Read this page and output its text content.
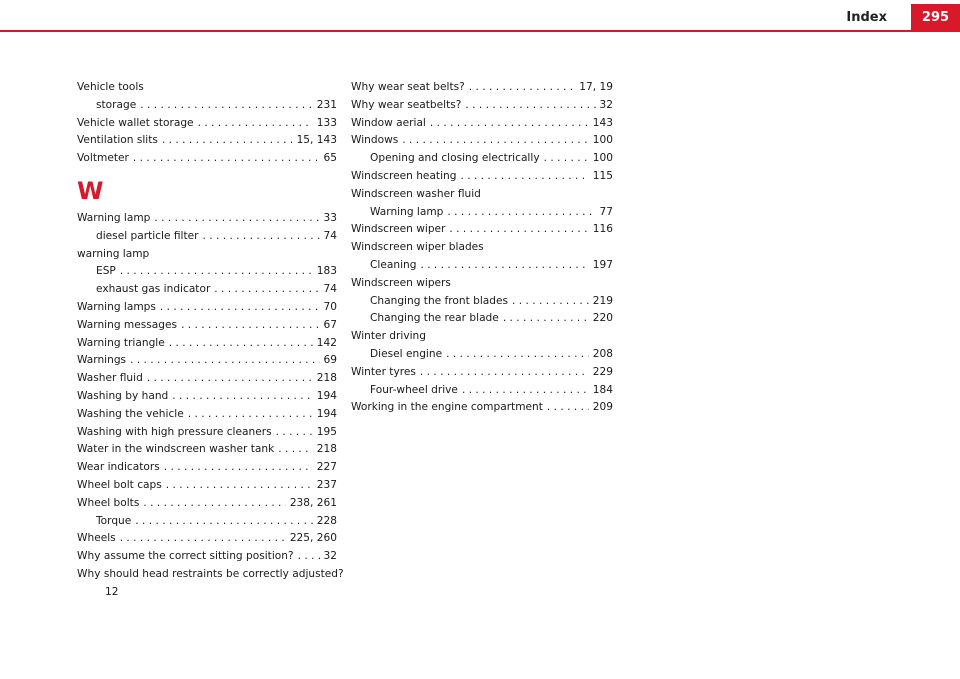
Index	295
Vehicle tools
storage . . .	231
Vehicle wallet storage . . .	133
Ventilation slits . . .	15, 143
Voltmeter . . .	65
W
Warning lamp . . .	33
diesel particle filter . . .	74
warning lamp
ESP . . .	183
exhaust gas indicator . . .	74
Warning lamps . . .	70
Warning messages . . .	67
Warning triangle . . .	142
Warnings . . .	69
Washer fluid . . .	218
Washing by hand . . .	194
Washing the vehicle . . .	194
Washing with high pressure cleaners . . .	195
Water in the windscreen washer tank . . .	218
Wear indicators . . .	227
Wheel bolt caps . . .	237
Wheel bolts . . .	238, 261
Torque . . .	228
Wheels . . .	225, 260
Why assume the correct sitting position? . . .	32
Why should head restraints be correctly adjusted?
12
Why wear seat belts? . . .	17, 19
Why wear seatbelts? . . .	32
Window aerial . . .	143
Windows . . .	100
Opening and closing electrically . . .	100
Windscreen heating . . .	115
Windscreen washer fluid
Warning lamp . . .	77
Windscreen wiper . . .	116
Windscreen wiper blades
Cleaning . . .	197
Windscreen wipers
Changing the front blades . . .	219
Changing the rear blade . . .	220
Winter driving
Diesel engine . . .	208
Winter tyres . . .	229
Four-wheel drive . . .	184
Working in the engine compartment . . .	209
